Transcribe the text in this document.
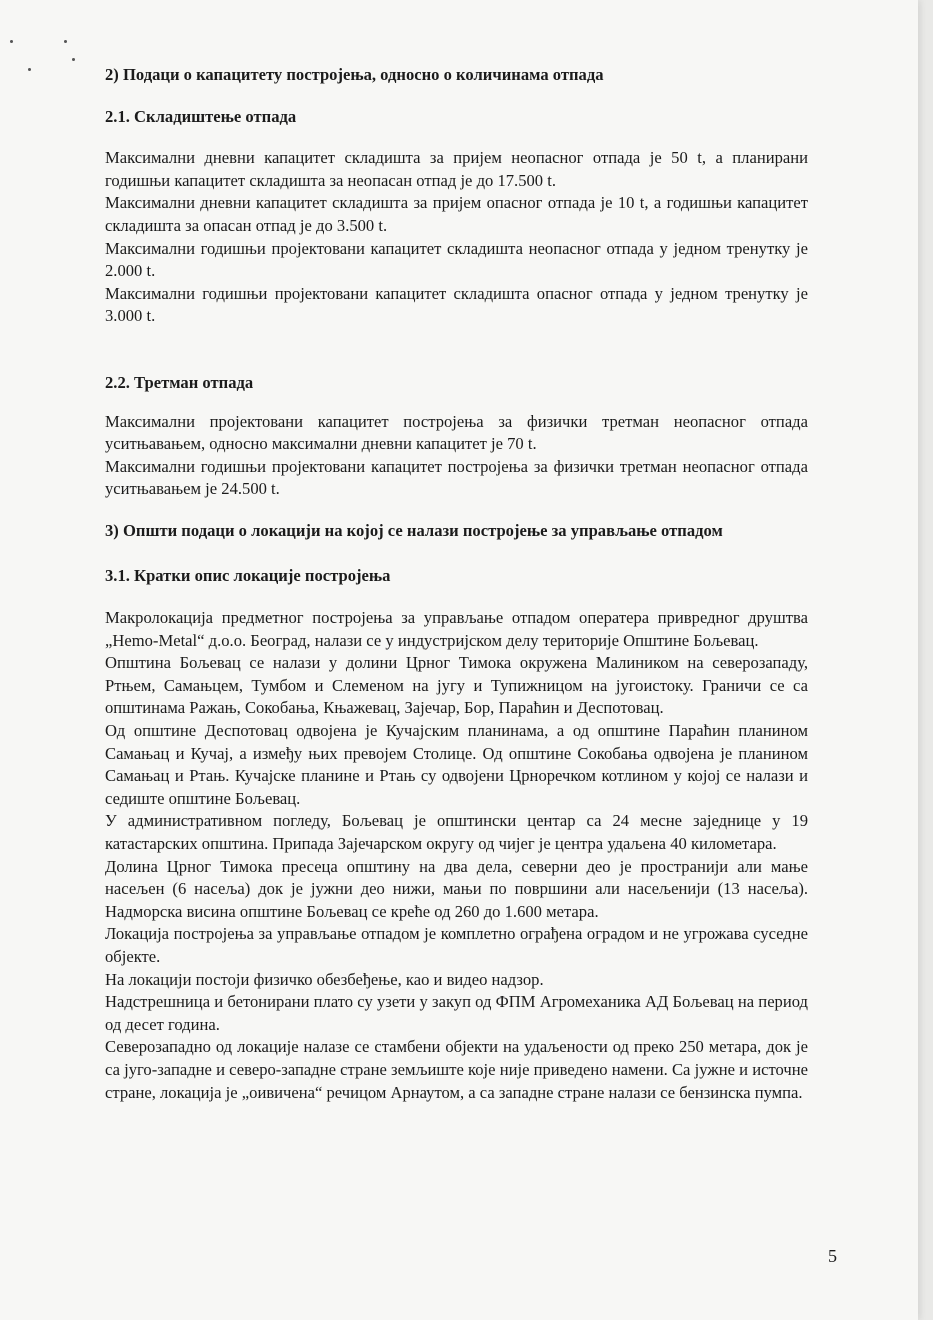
2) Подаци о капацитету постројења, односно о количинама отпада
2.1. Складиштење отпада

Максимални дневни капацитет складишта за пријем неопасног отпада је 50 t, а планирани годишњи капацитет складишта за неопасан отпад је до 17.500 t.

Максимални дневни капацитет складишта за пријем опасног отпада је 10 t, а годишњи капацитет складишта за опасан отпад је до 3.500 t.

Максимални годишњи пројектовани капацитет складишта неопасног отпада у једном тренутку је 2.000 t.

Максимални годишњи пројектовани капацитет складишта опасног отпада у једном тренутку је 3.000 t.

2.2. Третман отпада

Максимални пројектовани капацитет постројења за физички третман неопасног отпада уситњавањем, односно максимални дневни капацитет је 70 t.

Максимални годишњи пројектовани капацитет постројења за физички третман неопасног отпада уситњавањем је 24.500 t.

3) Општи подаци о локацији на којој се налази постројење за управљање отпадом
3.1. Кратки опис локације постројења

Макролокација предметног постројења за управљање отпадом оператера привредног друштва „Hemo-Metal“ д.о.о. Београд, налази се у индустријском делу територије Општине Бољевац.

Општина Бољевац се налази у долини Црног Тимока окружена Малиником на северозападу, Ртњем, Самањцем, Тумбом и Слеменом на југу и Тупижницом на југоистоку. Граничи се са општинама Ражањ, Сокобања, Књажевац, Зајечар, Бор, Параћин и Деспотовац.

Од општине Деспотовац одвојена је Кучајским планинама, а од општине Параћин планином Самањац и Кучај, а између њих превојем Столице. Од општине Сокобања одвојена је планином Самањац и Ртањ. Кучајске планине и Ртањ су одвојени Црноречком котлином у којој се налази и седиште општине Бољевац.

У административном погледу, Бољевац је општински центар са 24 месне заједнице у 19 катастарских општина. Припада Зајечарском округу од чијег је центра удаљена 40 километара.

Долина Црног Тимока пресеца општину на два дела, северни део је пространији али мање насељен (6 насеља) док је јужни део нижи, мањи по површини али насељенији (13 насеља). Надморска висина општине Бољевац се креће од 260 до 1.600 метара.

Локација постројења за управљање отпадом је комплетно ограђена оградом и не угрожава суседне објекте.

На локацији постоји физичко обезбеђење, као и видео надзор.

Надстрешница и бетонирани плато су узети у закуп од ФПМ Агромеханика АД Бољевац на период од десет година.

Северозападно од локације налазе се стамбени објекти на удаљености од преко 250 метара, док је са југо-западне и северо-западне стране земљиште које није приведено намени. Са јужне и источне стране, локација је „оивичена“ речицом Арнаутом, а са западне стране налази се бензинска пумпа.

5
